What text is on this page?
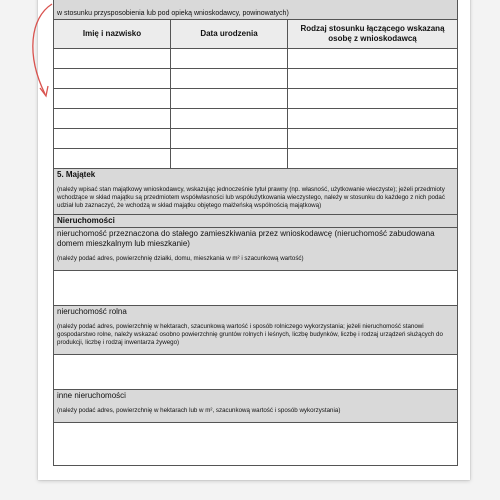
w stosunku przysposobienia lub pod opieką wnioskodawcy, powinowatych)		
Imię i nazwisko	Data urodzenia	Rodzaj stosunku łączącego wskazaną osobę z wnioskodawcą

5. Majątek
(należy wpisać stan majątkowy wnioskodawcy, wskazując jednocześnie tytuł prawny (np. własność, użytkowanie wieczyste); jeżeli przedmioty wchodzące w skład majątku są przedmiotem współwłasności lub współużytkowania wieczystego, należy w stosunku do każdego z nich podać udział lub zaznaczyć, że wchodzą w skład majątku objętego małżeńską wspólnością majątkową)		

Nieruchomości		
nieruchomość przeznaczona do stałego zamieszkiwania przez wnioskodawcę (nieruchomość zabudowana domem mieszkalnym lub mieszkanie)
(należy podać adres, powierzchnię działki, domu, mieszkania w m² i szacunkową wartość)		

nieruchomość rolna
(należy podać adres, powierzchnię w hektarach, szacunkową wartość i sposób rolniczego wykorzystania; jeżeli nieruchomość stanowi gospodarstwo rolne, należy wskazać osobno powierzchnię gruntów rolnych i leśnych, liczbę budynków, liczbę i rodzaj urządzeń służących do produkcji, liczbę i rodzaj inwentarza żywego)		

inne nieruchomości
(należy podać adres, powierzchnię w hektarach lub w m², szacunkową wartość i sposób wykorzystania)		
